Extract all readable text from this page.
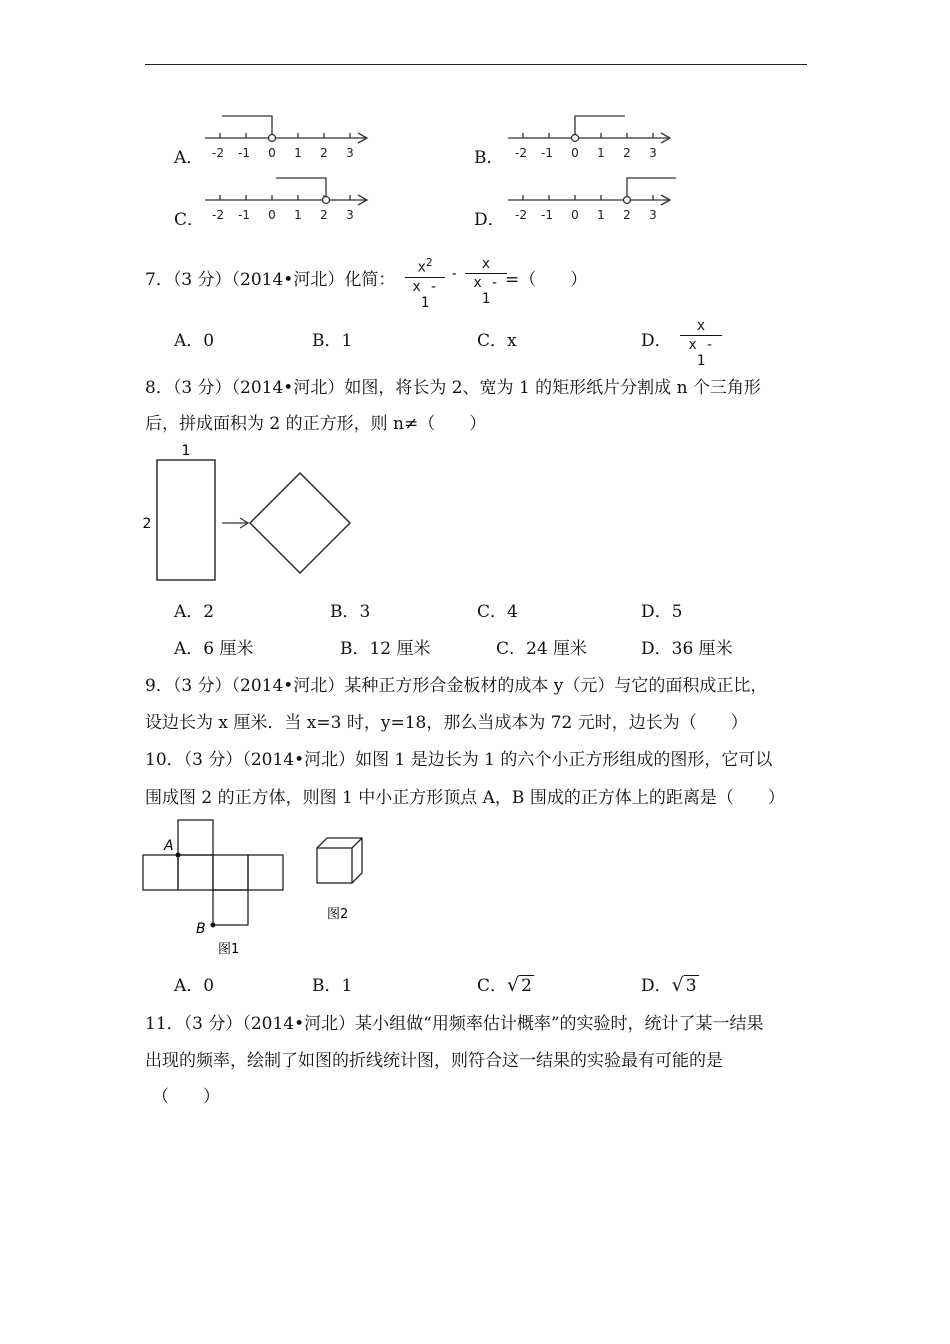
A． -2 -1 0 1 2 3	B． -2 -1 0 1 2 3
C． -2 -1 0 1 2 3	D． -2 -1 0 1 2 3
7．（3 分）（2014•河北）化简： $\frac{x^2}{x - 1} - \frac{x}{x - 1}$
=（　　）
A．0	B．1	C．x	D． $\frac{x}{x - 1}$
8．（3 分）（2014•河北）如图，将长为 2、宽为 1 的矩形纸片分割成 n 个三角形
后，拼成面积为 2 的正方形，则 n≠（　　）
1
2
A．2	B．3	C．4	D．5
A．6 厘米	B．12 厘米	C．24 厘米	D．36 厘米
9．（3 分）（2014•河北）某种正方形合金板材的成本 y（元）与它的面积成正比，
设边长为 x 厘米．当 x=3 时，y=18，那么当成本为 72 元时，边长为（　　）
10．（3 分）（2014•河北）如图 1 是边长为 1 的六个小正方形组成的图形，它可以
围成图 2 的正方体，则图 1 中小正方形顶点 A，B 围成的正方体上的距离是（　　）
A
B
图1
图2
A．0	B．1	C．√ 2	D．√ 3
11．（3 分）（2014•河北）某小组做“用频率估计概率”的实验时，统计了某一结果
出现的频率，绘制了如图的折线统计图，则符合这一结果的实验最有可能的是
（　　）
